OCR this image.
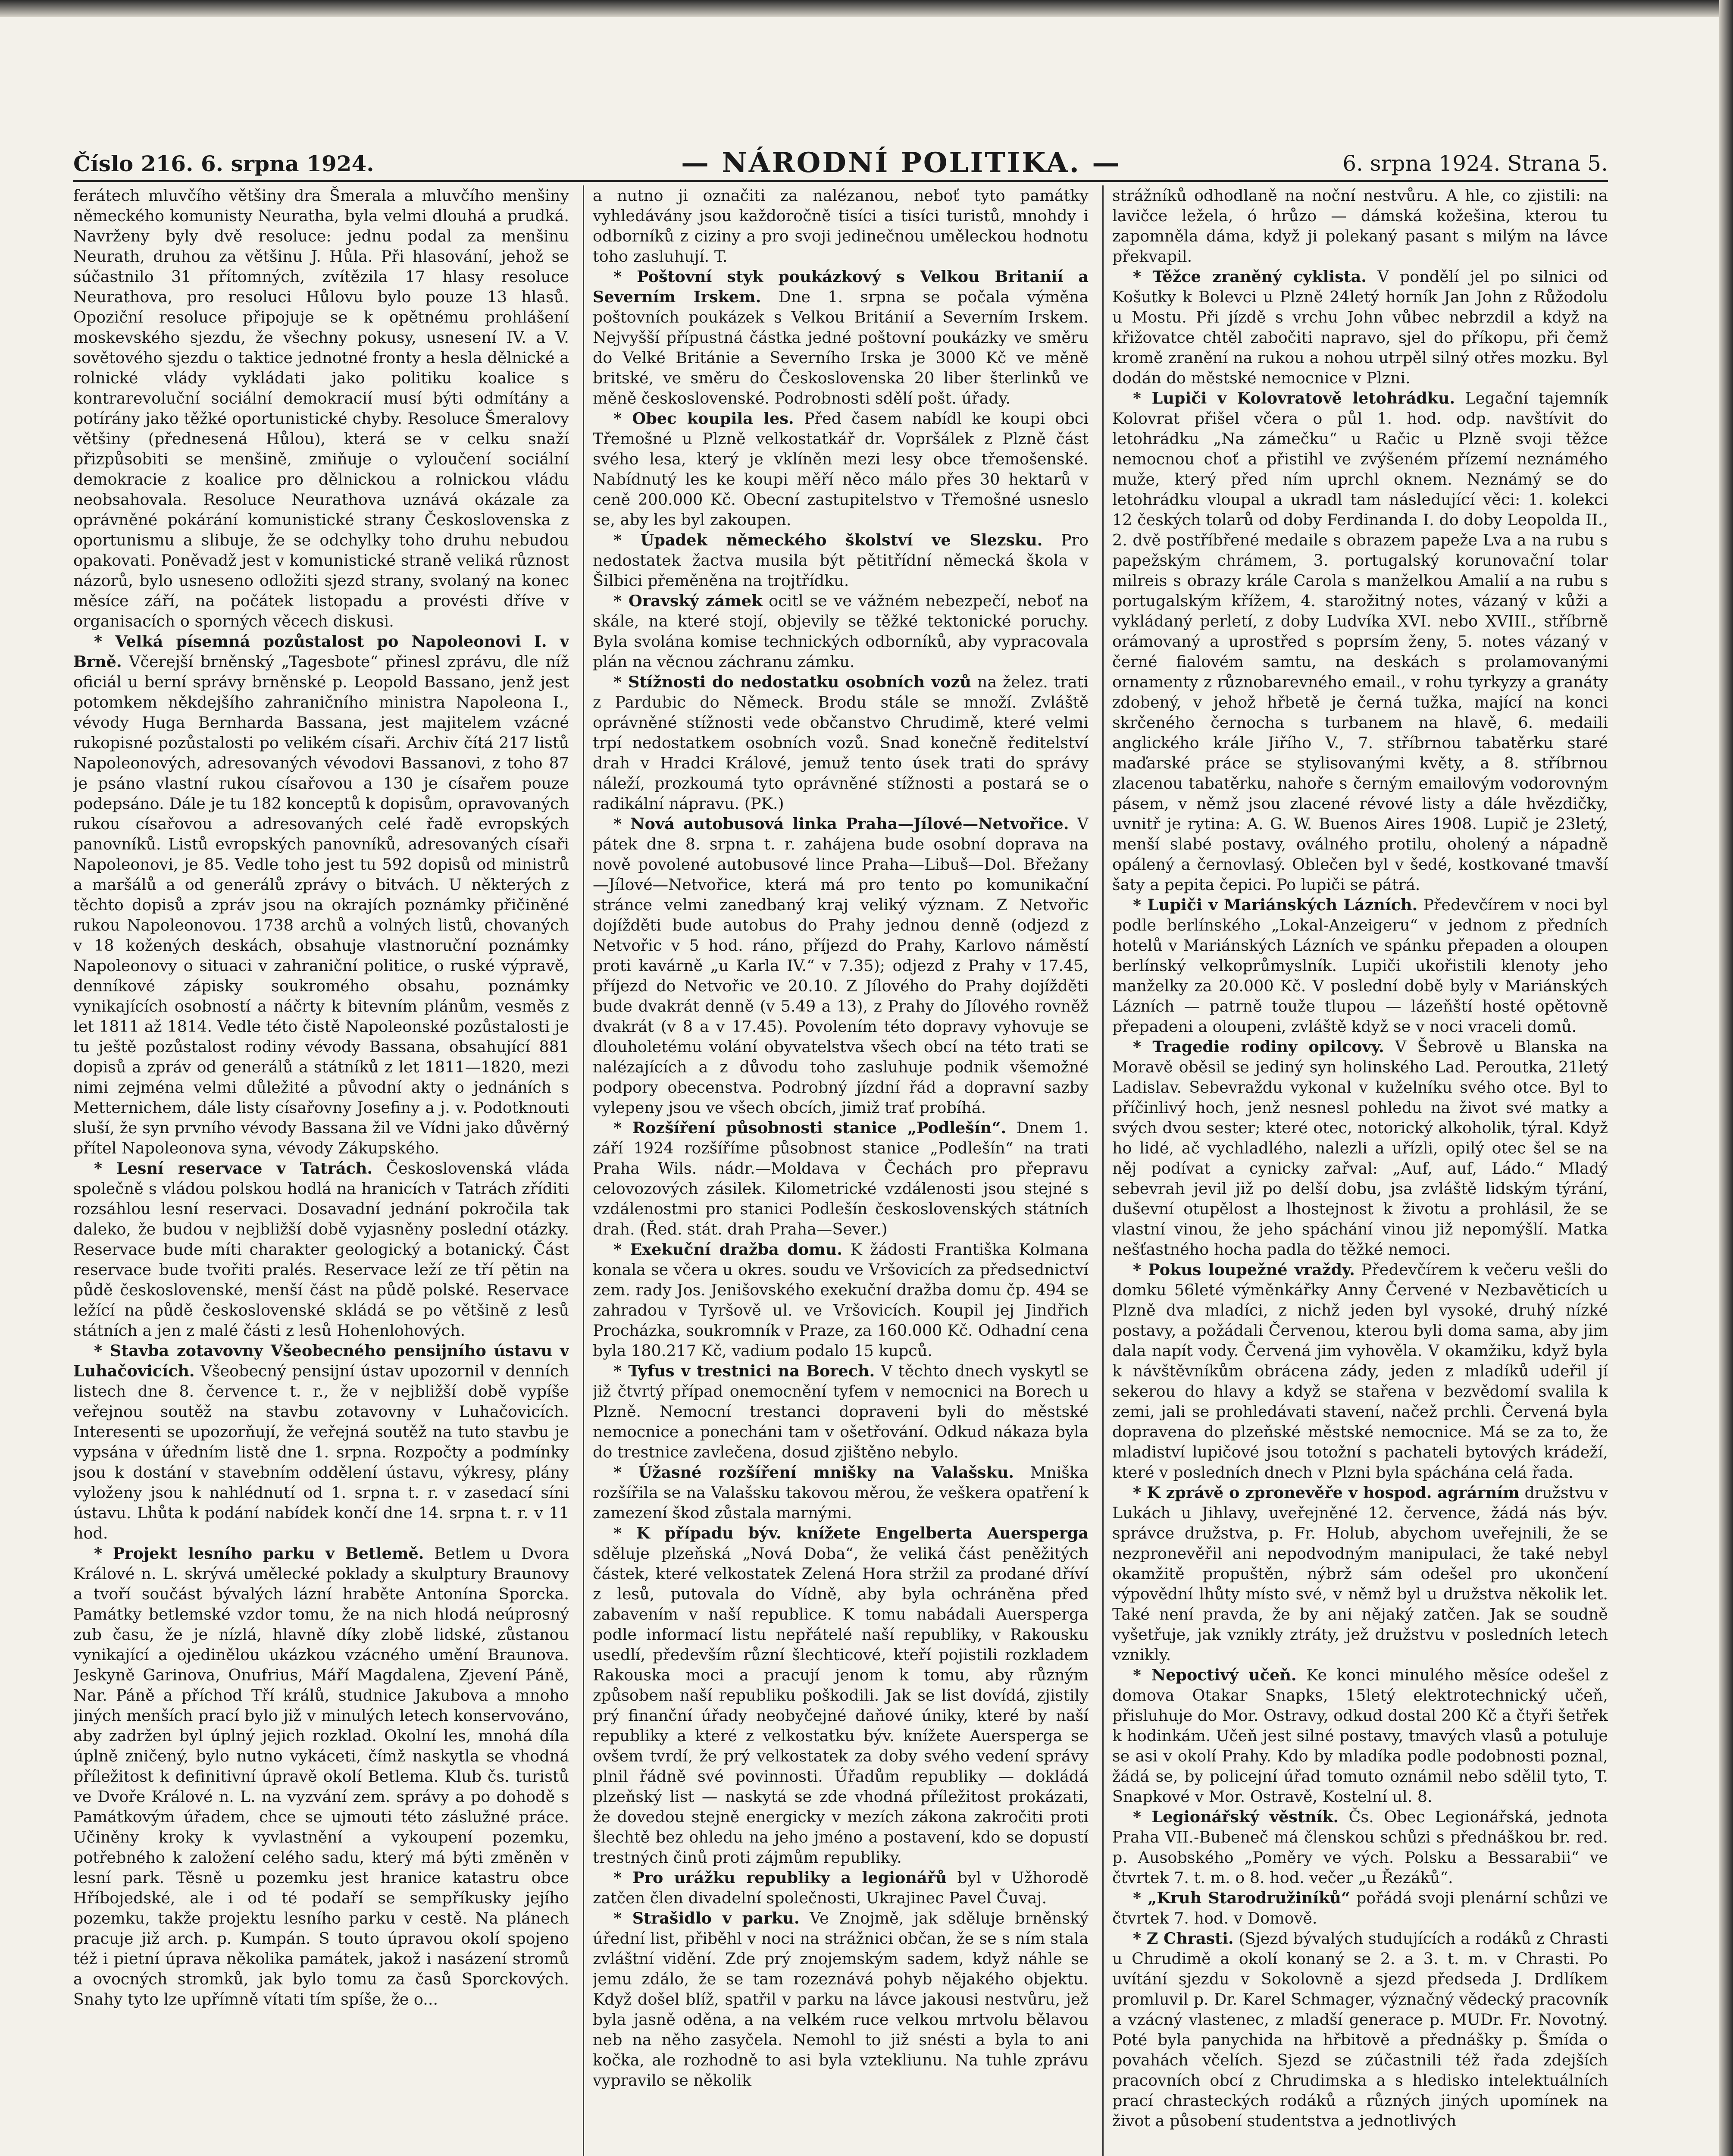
Číslo 216. 6. srpna 1924.	— NÁRODNÍ POLITIKA. —	6. srpna 1924. Strana 5.

ferátech mluvčího většiny dra Šmerala a mluvčího menšiny německého komunisty Neuratha, byla velmi dlouhá a prudká. Navrženy byly dvě resoluce: jednu podal za menšinu Neurath, druhou za většinu J. Hůla. Při hlasování, jehož se súčastnilo 31 přítomných, zvítězila 17 hlasy resoluce Neurathova, pro resoluci Hůlovu bylo pouze 13 hlasů. Opoziční resoluce připojuje se k opětnému prohlášení moskevského sjezdu, že všechny pokusy, usnesení IV. a V. sovětového sjezdu o taktice jednotné fronty a hesla dělnické a rolnické vlády vykládati jako politiku koalice s kontrarevoluční sociální demokracií musí býti odmítány a potírány jako těžké oportunistické chyby. Resoluce Šmeralovy většiny (přednesená Hůlou), která se v celku snaží přizpůsobiti se menšině, zmiňuje o vyloučení sociální demokracie z koalice pro dělnickou a rolnickou vládu neobsahovala. Resoluce Neurathova uznává okázale za oprávněné pokárání komunistické strany Československa z oportunismu a slibuje, že se odchylky toho druhu nebudou opakovati. Poněvadž jest v komunistické straně veliká různost názorů, bylo usneseno odložiti sjezd strany, svolaný na konec měsíce září, na počátek listopadu a provésti dříve v organisacích o sporných věcech diskusi.

* Velká písemná pozůstalost po Napoleonovi I. v Brně. Včerejší brněnský „Tagesbote“ přinesl zprávu, dle níž oficiál u berní správy brněnské p. Leopold Bassano, jenž jest potomkem někdejšího zahraničního ministra Napoleona I., vévody Huga Bernharda Bassana, jest majitelem vzácné rukopisné pozůstalosti po velikém císaři. Archiv čítá 217 listů Napoleonových, adresovaných vévodovi Bassanovi, z toho 87 je psáno vlastní rukou císařovou a 130 je císařem pouze podepsáno. Dále je tu 182 konceptů k dopisům, opravovaných rukou císařovou a adresovaných celé řadě evropských panovníků. Listů evropských panovníků, adresovaných císaři Napoleonovi, je 85. Vedle toho jest tu 592 dopisů od ministrů a maršálů a od generálů zprávy o bitvách. U některých z těchto dopisů a zpráv jsou na okrajích poznámky přičiněné rukou Napoleonovou. 1738 archů a volných listů, chovaných v 18 kožených deskách, obsahuje vlastnoruční poznámky Napoleonovy o situaci v zahraniční politice, o ruské výpravě, denníkové zápisky soukromého obsahu, poznámky vynikajících osobností a náčrty k bitevním plánům, vesměs z let 1811 až 1814. Vedle této čistě Napoleonské pozůstalosti je tu ještě pozůstalost rodiny vévody Bassana, obsahující 881 dopisů a zpráv od generálů a státníků z let 1811—1820, mezi nimi zejména velmi důležité a původní akty o jednáních s Metternichem, dále listy císařovny Josefiny a j. v. Podotknouti sluší, že syn prvního vévody Bassana žil ve Vídni jako důvěrný přítel Napoleonova syna, vévody Zákupského.

* Lesní reservace v Tatrách. Československá vláda společně s vládou polskou hodlá na hranicích v Tatrách zříditi rozsáhlou lesní reservaci. Dosavadní jednání pokročila tak daleko, že budou v nejbližší době vyjasněny poslední otázky. Reservace bude míti charakter geologický a botanický. Část reservace bude tvořiti pralés. Reservace leží ze tří pětin na půdě československé, menší část na půdě polské. Reservace ležící na půdě československé skládá se po většině z lesů státních a jen z malé části z lesů Hohenlohových.

* Stavba zotavovny Všeobecného pensijního ústavu v Luhačovicích. Všeobecný pensijní ústav upozornil v denních listech dne 8. července t. r., že v nejbližší době vypíše veřejnou soutěž na stavbu zotavovny v Luhačovicích. Interesenti se upozorňují, že veřejná soutěž na tuto stavbu je vypsána v úředním listě dne 1. srpna. Rozpočty a podmínky jsou k dostání v stavebním oddělení ústavu, výkresy, plány vyloženy jsou k nahlédnutí od 1. srpna t. r. v zasedací síni ústavu. Lhůta k podání nabídek končí dne 14. srpna t. r. v 11 hod.

* Projekt lesního parku v Betlemě. Betlem u Dvora Králové n. L. skrývá umělecké poklady a skulptury Braunovy a tvoří součást bývalých lázní hraběte Antonína Sporcka. Památky betlemské vzdor tomu, že na nich hlodá neúprosný zub času, že je nízlá, hlavně díky zlobě lidské, zůstanou vynikající a ojedinělou ukázkou vzácného umění Braunova. Jeskyně Garinova, Onufrius, Máří Magdalena, Zjevení Páně, Nar. Páně a příchod Tří králů, studnice Jakubova a mnoho jiných menších prací bylo již v minulých letech konservováno, aby zadržen byl úplný jejich rozklad. Okolní les, mnohá díla úplně zničený, bylo nutno vykáceti, čímž naskytla se vhodná příležitost k definitivní úpravě okolí Betlema. Klub čs. turistů ve Dvoře Králové n. L. na vyzvání zem. správy a po dohodě s Památkovým úřadem, chce se ujmouti této záslužné práce. Učiněny kroky k vyvlastnění a vykoupení pozemku, potřebného k založení celého sadu, který má býti změněn v lesní park. Těsně u pozemku jest hranice katastru obce Hříbojedské, ale i od té podaří se sempříkusky jejího pozemku, takže projektu lesního parku v cestě. Na plánech pracuje již arch. p. Kumpán. S touto úpravou okolí spojeno též i pietní úprava několika památek, jakož i nasázení stromů a ovocných stromků, jak bylo tomu za časů Sporckových. Snahy tyto lze upřímně vítati tím spíše, že o...

a nutno ji označiti za nalézanou, neboť tyto památky vyhledávány jsou každoročně tisíci a tisíci turistů, mnohdy i odborníků z ciziny a pro svoji jedinečnou uměleckou hodnotu toho zasluhují. T.

* Poštovní styk poukázkový s Velkou Britanií a Severním Irskem. Dne 1. srpna se počala výměna poštovních poukázek s Velkou Británií a Severním Irskem. Nejvyšší přípustná částka jedné poštovní poukázky ve směru do Velké Británie a Severního Irska je 3000 Kč ve měně britské, ve směru do Československa 20 liber šterlinků ve měně československé. Podrobnosti sdělí pošt. úřady.

* Obec koupila les. Před časem nabídl ke koupi obci Třemošné u Plzně velkostatkář dr. Vopršálek z Plzně část svého lesa, který je vklíněn mezi lesy obce třemošenské. Nabídnutý les ke koupi měří něco málo přes 30 hektarů v ceně 200.000 Kč. Obecní zastupitelstvo v Třemošné usneslo se, aby les byl zakoupen.

* Úpadek německého školství ve Slezsku. Pro nedostatek žactva musila být pětitřídní německá škola v Šilbici přeměněna na trojtřídku.

* Oravský zámek ocitl se ve vážném nebezpečí, neboť na skále, na které stojí, objevily se těžké tektonické poruchy. Byla svolána komise technických odborníků, aby vypracovala plán na věcnou záchranu zámku.

* Stížnosti do nedostatku osobních vozů na želez. trati z Pardubic do Německ. Brodu stále se množí. Zvláště oprávněné stížnosti vede občanstvo Chrudimě, které velmi trpí nedostatkem osobních vozů. Snad konečně ředitelství drah v Hradci Králové, jemuž tento úsek trati do správy náleží, prozkoumá tyto oprávněné stížnosti a postará se o radikální nápravu. (PK.)

* Nová autobusová linka Praha—Jílové—Netvořice. V pátek dne 8. srpna t. r. zahájena bude osobní doprava na nově povolené autobusové lince Praha—Libuš—Dol. Břežany—Jílové—Netvořice, která má pro tento po komunikační stránce velmi zanedbaný kraj veliký význam. Z Netvořic dojížděti bude autobus do Prahy jednou denně (odjezd z Netvořic v 5 hod. ráno, příjezd do Prahy, Karlovo náměstí proti kavárně „u Karla IV.“ v 7.35); odjezd z Prahy v 17.45, příjezd do Netvořic ve 20.10. Z Jílového do Prahy dojížděti bude dvakrát denně (v 5.49 a 13), z Prahy do Jílového rovněž dvakrát (v 8 a v 17.45). Povolením této dopravy vyhovuje se dlouholetému volání obyvatelstva všech obcí na této trati se nalézajících a z důvodu toho zasluhuje podnik všemožné podpory obecenstva. Podrobný jízdní řád a dopravní sazby vylepeny jsou ve všech obcích, jimiž trať probíhá.

* Rozšíření působnosti stanice „Podlešín“. Dnem 1. září 1924 rozšíříme působnost stanice „Podlešín“ na trati Praha Wils. nádr.—Moldava v Čechách pro přepravu celovozových zásilek. Kilometrické vzdálenosti jsou stejné s vzdálenostmi pro stanici Podlešín československých státních drah. (Řed. stát. drah Praha—Sever.)

* Exekuční dražba domu. K žádosti Františka Kolmana konala se včera u okres. soudu ve Vršovicích za předsednictví zem. rady Jos. Jenišovského exekuční dražba domu čp. 494 se zahradou v Tyršově ul. ve Vršovicích. Koupil jej Jindřich Procházka, soukromník v Praze, za 160.000 Kč. Odhadní cena byla 180.217 Kč, vadium podalo 15 kupců.

* Tyfus v trestnici na Borech. V těchto dnech vyskytl se již čtvrtý případ onemocnění tyfem v nemocnici na Borech u Plzně. Nemocní trestanci dopraveni byli do městské nemocnice a ponecháni tam v ošetřování. Odkud nákaza byla do trestnice zavlečena, dosud zjištěno nebylo.

* Úžasné rozšíření mnišky na Valašsku. Mniška rozšířila se na Valašsku takovou měrou, že veškera opatření k zamezení škod zůstala marnými.

* K případu býv. knížete Engelberta Auersperga sděluje plzeňská „Nová Doba“, že veliká část peněžitých částek, které velkostatek Zelená Hora stržil za prodané dříví z lesů, putovala do Vídně, aby byla ochráněna před zabavením v naší republice. K tomu nabádali Auersperga podle informací listu nepřátelé naší republiky, v Rakousku usedlí, především různí šlechticové, kteří pojistili rozkladem Rakouska moci a pracují jenom k tomu, aby různým způsobem naší republiku poškodili. Jak se list dovídá, zjistily prý finanční úřady neobyčejné daňové úniky, které by naší republiky a které z velkostatku býv. knížete Auersperga se ovšem tvrdí, že prý velkostatek za doby svého vedení správy plnil řádně své povinnosti. Úřadům republiky — dokládá plzeňský list — naskytá se zde vhodná příležitost prokázati, že dovedou stejně energicky v mezích zákona zakročiti proti šlechtě bez ohledu na jeho jméno a postavení, kdo se dopustí trestných činů proti zájmům republiky.

* Pro urážku republiky a legionářů byl v Užhorodě zatčen člen divadelní společnosti, Ukrajinec Pavel Čuvaj.

* Strašidlo v parku. Ve Znojmě, jak sděluje brněnský úřední list, přiběhl v noci na strážnici občan, že se s ním stala zvláštní vidění. Zde prý znojemským sadem, když náhle se jemu zdálo, že se tam rozeznává pohyb nějakého objektu. Když došel blíž, spatřil v parku na lávce jakousi nestvůru, jež byla jasně oděna, a na velkém ruce velkou mrtvolu bělavou neb na něho zasyčela. Nemohl to již snésti a byla to ani kočka, ale rozhodně to asi byla vztekliunu. Na tuhle zprávu vypravilo se několik

strážníků odhodlaně na noční nestvůru. A hle, co zjistili: na lavičce ležela, ó hrůzo — dámská kožešina, kterou tu zapomněla dáma, když ji polekaný pasant s milým na lávce překvapil.

* Těžce zraněný cyklista. V pondělí jel po silnici od Košutky k Bolevci u Plzně 24letý horník Jan John z Růžodolu u Mostu. Při jízdě s vrchu John vůbec nebrzdil a když na křižovatce chtěl zabočiti napravo, sjel do příkopu, při čemž kromě zranění na rukou a nohou utrpěl silný otřes mozku. Byl dodán do městské nemocnice v Plzni.

* Lupiči v Kolovratově letohrádku. Legační tajemník Kolovrat přišel včera o půl 1. hod. odp. navštívit do letohrádku „Na zámečku“ u Račic u Plzně svoji těžce nemocnou choť a přistihl ve zvýšeném přízemí neznámého muže, který před ním uprchl oknem. Neznámý se do letohrádku vloupal a ukradl tam následující věci: 1. kolekci 12 českých tolarů od doby Ferdinanda I. do doby Leopolda II., 2. dvě postříbřené medaile s obrazem papeže Lva a na rubu s papežským chrámem, 3. portugalský korunovační tolar milreis s obrazy krále Carola s manželkou Amalií a na rubu s portugalským křížem, 4. starožitný notes, vázaný v kůži a vykládaný perletí, z doby Ludvíka XVI. nebo XVIII., stříbrně orámovaný a uprostřed s poprsím ženy, 5. notes vázaný v černé fialovém samtu, na deskách s prolamovanými ornamenty z různobarevného email., v rohu tyrkyzy a granáty zdobený, v jehož hřbetě je černá tužka, mající na konci skrčeného černocha s turbanem na hlavě, 6. medaili anglického krále Jiřího V., 7. stříbrnou tabatěrku staré maďarské práce se stylisovanými květy, a 8. stříbrnou zlacenou tabatěrku, nahoře s černým emailovým vodorovným pásem, v němž jsou zlacené révové listy a dále hvězdičky, uvnitř je rytina: A. G. W. Buenos Aires 1908. Lupič je 23letý, menší slabé postavy, oválného protilu, oholený a nápadně opálený a černovlasý. Oblečen byl v šedé, kostkované tmavší šaty a pepita čepici. Po lupiči se pátrá.

* Lupiči v Mariánských Lázních. Předevčírem v noci byl podle berlínského „Lokal-Anzeigeru“ v jednom z předních hotelů v Mariánských Lázních ve spánku přepaden a oloupen berlínský velkoprůmyslník. Lupiči ukořistili klenoty jeho manželky za 20.000 Kč. V poslední době byly v Mariánských Lázních — patrně touže tlupou — lázeňští hosté opětovně přepadeni a oloupeni, zvláště když se v noci vraceli domů.

* Tragedie rodiny opilcovy. V Šebrově u Blanska na Moravě oběsil se jediný syn holinského Lad. Peroutka, 21letý Ladislav. Sebevraždu vykonal v kuželníku svého otce. Byl to příčinlivý hoch, jenž nesnesl pohledu na život své matky a svých dvou sester; které otec, notorický alkoholik, týral. Když ho lidé, ač vychladlého, nalezli a uřízli, opilý otec šel se na něj podívat a cynicky zařval: „Auf, auf, Ládo.“ Mladý sebevrah jevil již po delší dobu, jsa zvláště lidským týrání, duševní otupělost a lhostejnost k životu a prohlásil, že se vlastní vinou, že jeho spáchání vinou již nepomýšlí. Matka nešťastného hocha padla do těžké nemoci.

* Pokus loupežné vraždy. Předevčírem k večeru vešli do domku 56leté výměnkářky Anny Červené v Nezbavěticích u Plzně dva mladíci, z nichž jeden byl vysoké, druhý nízké postavy, a požádali Červenou, kterou byli doma sama, aby jim dala napít vody. Červená jim vyhověla. V okamžiku, když byla k návštěvníkům obrácena zády, jeden z mladíků udeřil jí sekerou do hlavy a když se stařena v bezvědomí svalila k zemi, jali se prohledávati stavení, načež prchli. Červená byla dopravena do plzeňské městské nemocnice. Má se za to, že mladiství lupičové jsou totožní s pachateli bytových krádeží, které v posledních dnech v Plzni byla spáchána celá řada.

* K zprávě o zpronevěře v hospod. agrárním družstvu v Lukách u Jihlavy, uveřejněné 12. července, žádá nás býv. správce družstva, p. Fr. Holub, abychom uveřejnili, že se nezpronevěřil ani nepodvodným manipulaci, že také nebyl okamžitě propuštěn, nýbrž sám odešel pro ukončení výpovědní lhůty místo své, v němž byl u družstva několik let. Také není pravda, že by ani nějaký zatčen. Jak se soudně vyšetřuje, jak vznikly ztráty, jež družstvu v posledních letech vznikly.

* Nepoctivý učeň. Ke konci minulého měsíce odešel z domova Otakar Snapks, 15letý elektrotechnický učeň, přisluhuje do Mor. Ostravy, odkud dostal 200 Kč a čtyři šetřek k hodinkám. Učeň jest silné postavy, tmavých vlasů a potuluje se asi v okolí Prahy. Kdo by mladíka podle podobnosti poznal, žádá se, by policejní úřad tomuto oznámil nebo sdělil tyto, T. Snapkové v Mor. Ostravě, Kostelní ul. 8.

* Legionářský věstník. Čs. Obec Legionářská, jednota Praha VII.-Bubeneč má členskou schůzi s přednáškou br. red. p. Ausobského „Poměry ve vých. Polsku a Bessarabii“ ve čtvrtek 7. t. m. o 8. hod. večer „u Řezáků“.

* „Kruh Starodružiníků“ pořádá svoji plenární schůzi ve čtvrtek 7. hod. v Domově.

* Z Chrasti. (Sjezd bývalých studujících a rodáků z Chrasti u Chrudimě a okolí konaný se 2. a 3. t. m. v Chrasti. Po uvítání sjezdu v Sokolovně a sjezd předseda J. Drdlíkem promluvil p. Dr. Karel Schmager, význačný vědecký pracovník a vzácný vlastenec, z mladší generace p. MUDr. Fr. Novotný. Poté byla panychida na hřbitově a přednášky p. Šmída o povahách včelích. Sjezd se zúčastnili též řada zdejších pracovních obcí z Chrudimska a s hledisko intelektuálních prací chrasteckých rodáků a různých jiných upomínek na život a působení studentstva a jednotlivých
